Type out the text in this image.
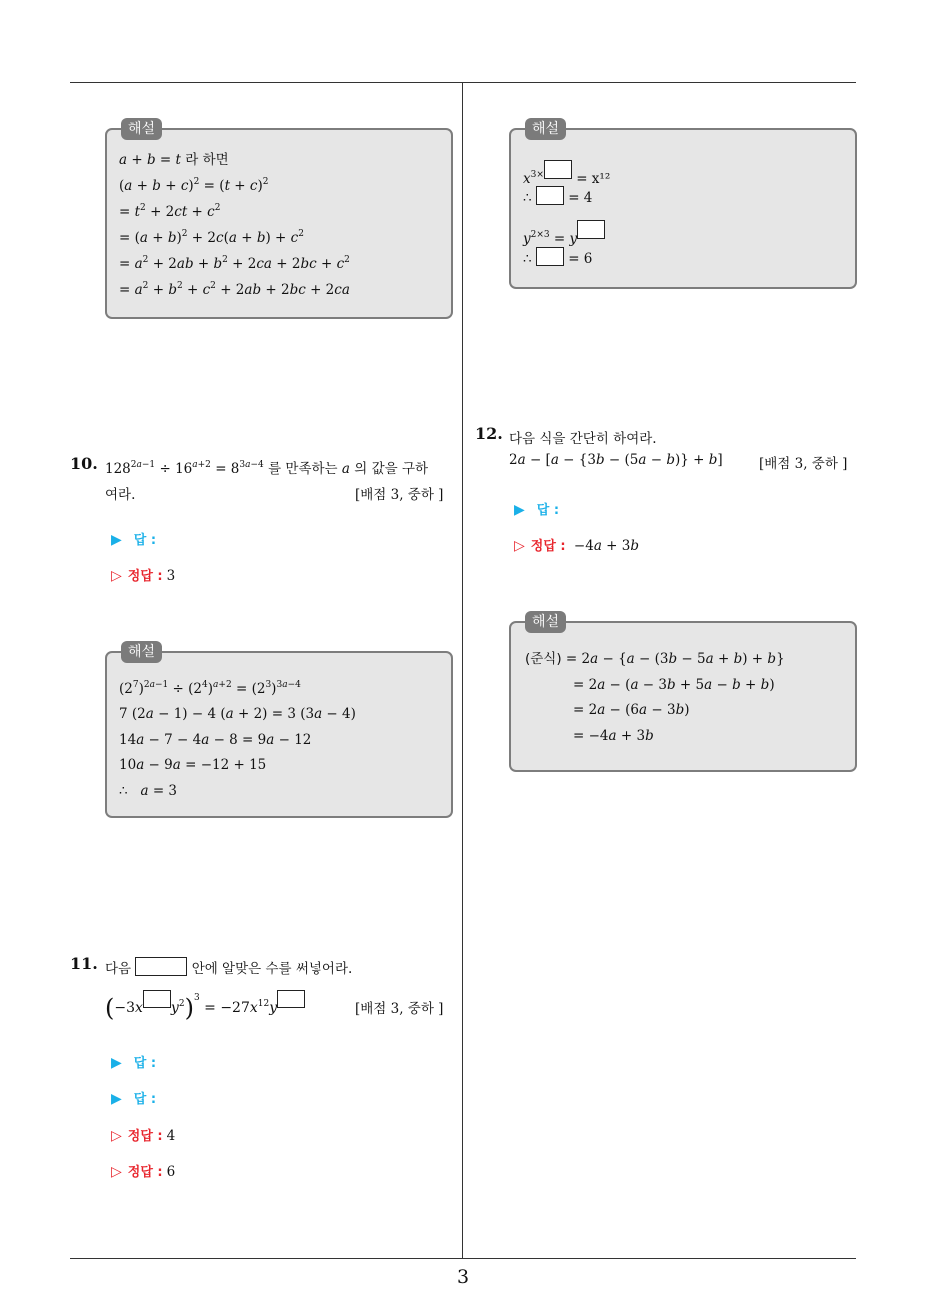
3
해설
a + b = t 라 하면
$(a + b + c)^2 = (t + c)^2$
= $t^2 + 2ct + c^2$
= $(a + b)^2 + 2c(a + b) + c^2$
= $a^2 + 2ab + b^2 + 2ca + 2bc + c^2$
= $a^2 + b^2 + c^2 + 2ab + 2bc + 2ca$
10. $128^{2a-1} \div 16^{a+2} = 8^{3a-4}$ 를 만족하는 a 의 값을 구하
여라.	[배점 3, 중하 ]
▶ 답 :
▷ 정답 : 3
해설
$(2^7)^{2a-1} \div (2^4)^{a+2} = (2^3)^{3a-4}$
7 (2a − 1) − 4 (a + 2) = 3 (3a − 4)
14a − 7 − 4a − 8 = 9a − 12
10a − 9a = −12 + 15
∴   a = 3
11. 다음	안에 알맞은 수를 써넣어라.
(−3x $y^2)^3 = -27x^{12}y$	[배점 3, 중하 ]
▶ 답 :
▶ 답 :
▷ 정답 : 4
▷ 정답 : 6
해설
$x^{3\times} = x^{12}$
∴  = 4
$y^{2\times 3} = y$
∴  = 6
12. 다음 식을 간단히 하여라.
2a − [a − {3b − (5a − b)} + b]	[배점 3, 중하 ]
▶ 답 :
▷ 정답 : −4a + 3b
해설
(준식) = 2a − {a − (3b − 5a + b) + b}
= 2a − (a − 3b + 5a − b + b)
= 2a − (6a − 3b)
= −4a + 3b
